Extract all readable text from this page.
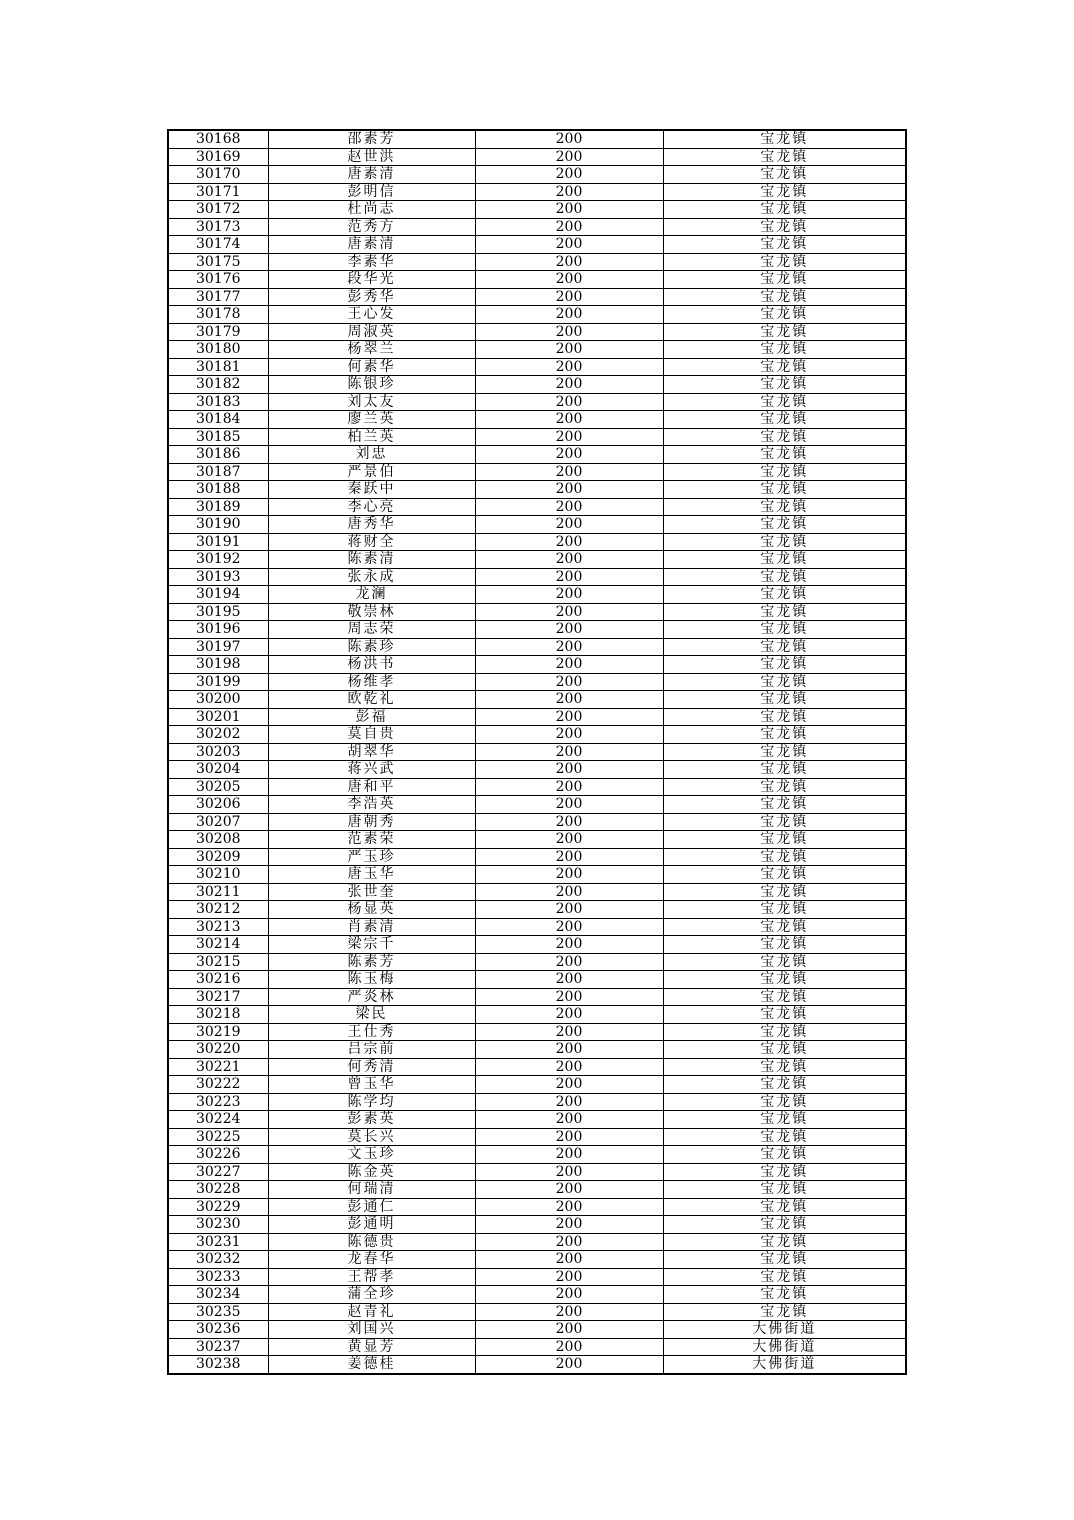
30168	邵素芳	200	宝龙镇
30169	赵世洪	200	宝龙镇
30170	唐素清	200	宝龙镇
30171	彭明信	200	宝龙镇
30172	杜尚志	200	宝龙镇
30173	范秀方	200	宝龙镇
30174	唐素清	200	宝龙镇
30175	李素华	200	宝龙镇
30176	段华光	200	宝龙镇
30177	彭秀华	200	宝龙镇
30178	王心发	200	宝龙镇
30179	周淑英	200	宝龙镇
30180	杨翠兰	200	宝龙镇
30181	何素华	200	宝龙镇
30182	陈银珍	200	宝龙镇
30183	刘太友	200	宝龙镇
30184	廖兰英	200	宝龙镇
30185	柏兰英	200	宝龙镇
30186	刘忠	200	宝龙镇
30187	严景伯	200	宝龙镇
30188	秦跃中	200	宝龙镇
30189	李心亮	200	宝龙镇
30190	唐秀华	200	宝龙镇
30191	蒋财全	200	宝龙镇
30192	陈素清	200	宝龙镇
30193	张永成	200	宝龙镇
30194	龙澜	200	宝龙镇
30195	敬崇林	200	宝龙镇
30196	周志荣	200	宝龙镇
30197	陈素珍	200	宝龙镇
30198	杨洪书	200	宝龙镇
30199	杨维孝	200	宝龙镇
30200	欧乾礼	200	宝龙镇
30201	彭福	200	宝龙镇
30202	莫自贵	200	宝龙镇
30203	胡翠华	200	宝龙镇
30204	蒋兴武	200	宝龙镇
30205	唐和平	200	宝龙镇
30206	李浩英	200	宝龙镇
30207	唐朝秀	200	宝龙镇
30208	范素荣	200	宝龙镇
30209	严玉珍	200	宝龙镇
30210	唐玉华	200	宝龙镇
30211	张世奎	200	宝龙镇
30212	杨显英	200	宝龙镇
30213	肖素清	200	宝龙镇
30214	梁宗千	200	宝龙镇
30215	陈素芳	200	宝龙镇
30216	陈玉梅	200	宝龙镇
30217	严炎林	200	宝龙镇
30218	梁民	200	宝龙镇
30219	王仕秀	200	宝龙镇
30220	吕宗前	200	宝龙镇
30221	何秀清	200	宝龙镇
30222	曾玉华	200	宝龙镇
30223	陈学均	200	宝龙镇
30224	彭素英	200	宝龙镇
30225	莫长兴	200	宝龙镇
30226	文玉珍	200	宝龙镇
30227	陈金英	200	宝龙镇
30228	何瑞清	200	宝龙镇
30229	彭通仁	200	宝龙镇
30230	彭通明	200	宝龙镇
30231	陈德贵	200	宝龙镇
30232	龙春华	200	宝龙镇
30233	王帮孝	200	宝龙镇
30234	蒲全珍	200	宝龙镇
30235	赵青礼	200	宝龙镇
30236	刘国兴	200	大佛街道
30237	黄显芳	200	大佛街道
30238	姜德桂	200	大佛街道
